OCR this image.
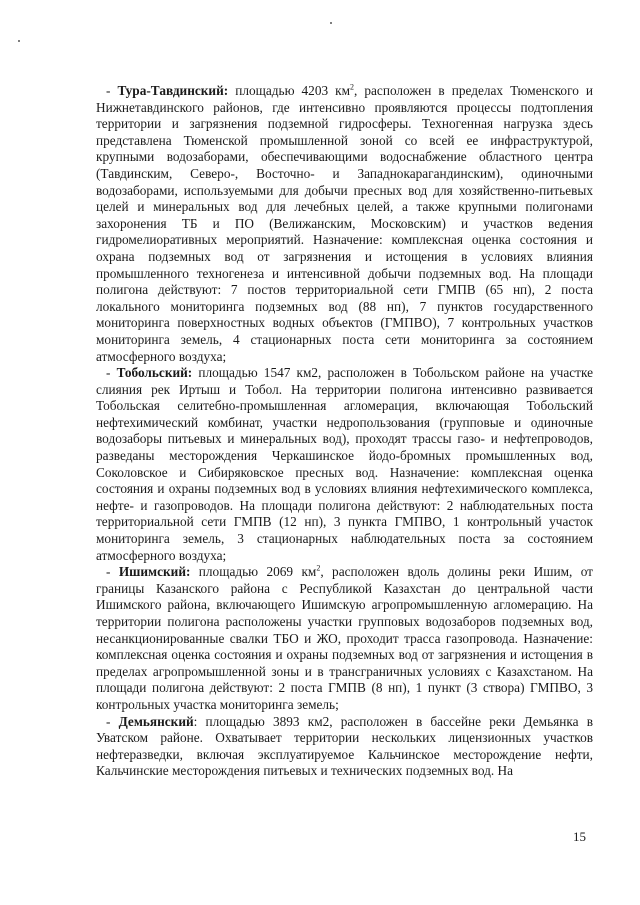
- Тура-Тавдинский: площадью 4203 $км^2$, расположен в пределах Тюменского и Нижнетавдинского районов, где интенсивно проявляются процессы подтопления территории и загрязнения подземной гидросферы. Техногенная нагрузка здесь представлена Тюменской промышленной зоной со всей ее инфраструктурой, крупными водозаборами, обеспечивающими водоснабжение областного центра (Тавдинским, Северо-, Восточно- и Западнокарагандинским), одиночными водозаборами, используемыми для добычи пресных вод для хозяйственно-питьевых целей и минеральных вод для лечебных целей, а также крупными полигонами захоронения ТБ и ПО (Велижанским, Московским) и участков ведения гидромелиоративных мероприятий. Назначение: комплексная оценка состояния и охрана подземных вод от загрязнения и истощения в условиях влияния промышленного техногенеза и интенсивной добычи подземных вод. На площади полигона действуют: 7 постов территориальной сети ГМПВ (65 нп), 2 поста локального мониторинга подземных вод (88 нп), 7 пунктов государственного мониторинга поверхностных водных объектов (ГМПВО), 7 контрольных участков мониторинга земель, 4 стационарных поста сети мониторинга за состоянием атмосферного воздуха;

- Тобольский: площадью 1547 км2, расположен в Тобольском районе на участке слияния рек Иртыш и Тобол. На территории полигона интенсивно развивается Тобольская селитебно-промышленная агломерация, включающая Тобольский нефтехимический комбинат, участки недропользования (групповые и одиночные водозаборы питьевых и минеральных вод), проходят трассы газо- и нефтепроводов, разведаны месторождения Черкашинское йодо-бромных промышленных вод, Соколовское и Сибиряковское пресных вод. Назначение: комплексная оценка состояния и охраны подземных вод в условиях влияния нефтехимического комплекса, нефте- и газопроводов. На площади полигона действуют: 2 наблюдательных поста территориальной сети ГМПВ (12 нп), 3 пункта ГМПВО, 1 контрольный участок мониторинга земель, 3 стационарных наблюдательных поста за состоянием атмосферного воздуха;

- Ишимский: площадью 2069 $км^2$, расположен вдоль долины реки Ишим, от границы Казанского района с Республикой Казахстан до центральной части Ишимского района, включающего Ишимскую агропромышленную агломерацию. На территории полигона расположены участки групповых водозаборов подземных вод, несанкционированные свалки ТБО и ЖО, проходит трасса газопровода. Назначение: комплексная оценка состояния и охраны подземных вод от загрязнения и истощения в пределах агропромышленной зоны и в трансграничных условиях с Казахстаном. На площади полигона действуют: 2 поста ГМПВ (8 нп), 1 пункт (3 створа) ГМПВО, 3 контрольных участка мониторинга земель;

- Демьянский: площадью 3893 км2, расположен в бассейне реки Демьянка в Уватском районе. Охватывает территории нескольких лицензионных участков нефтеразведки, включая эксплуатируемое Кальчинское месторождение нефти, Кальчинские месторождения питьевых и технических подземных вод. На

15
